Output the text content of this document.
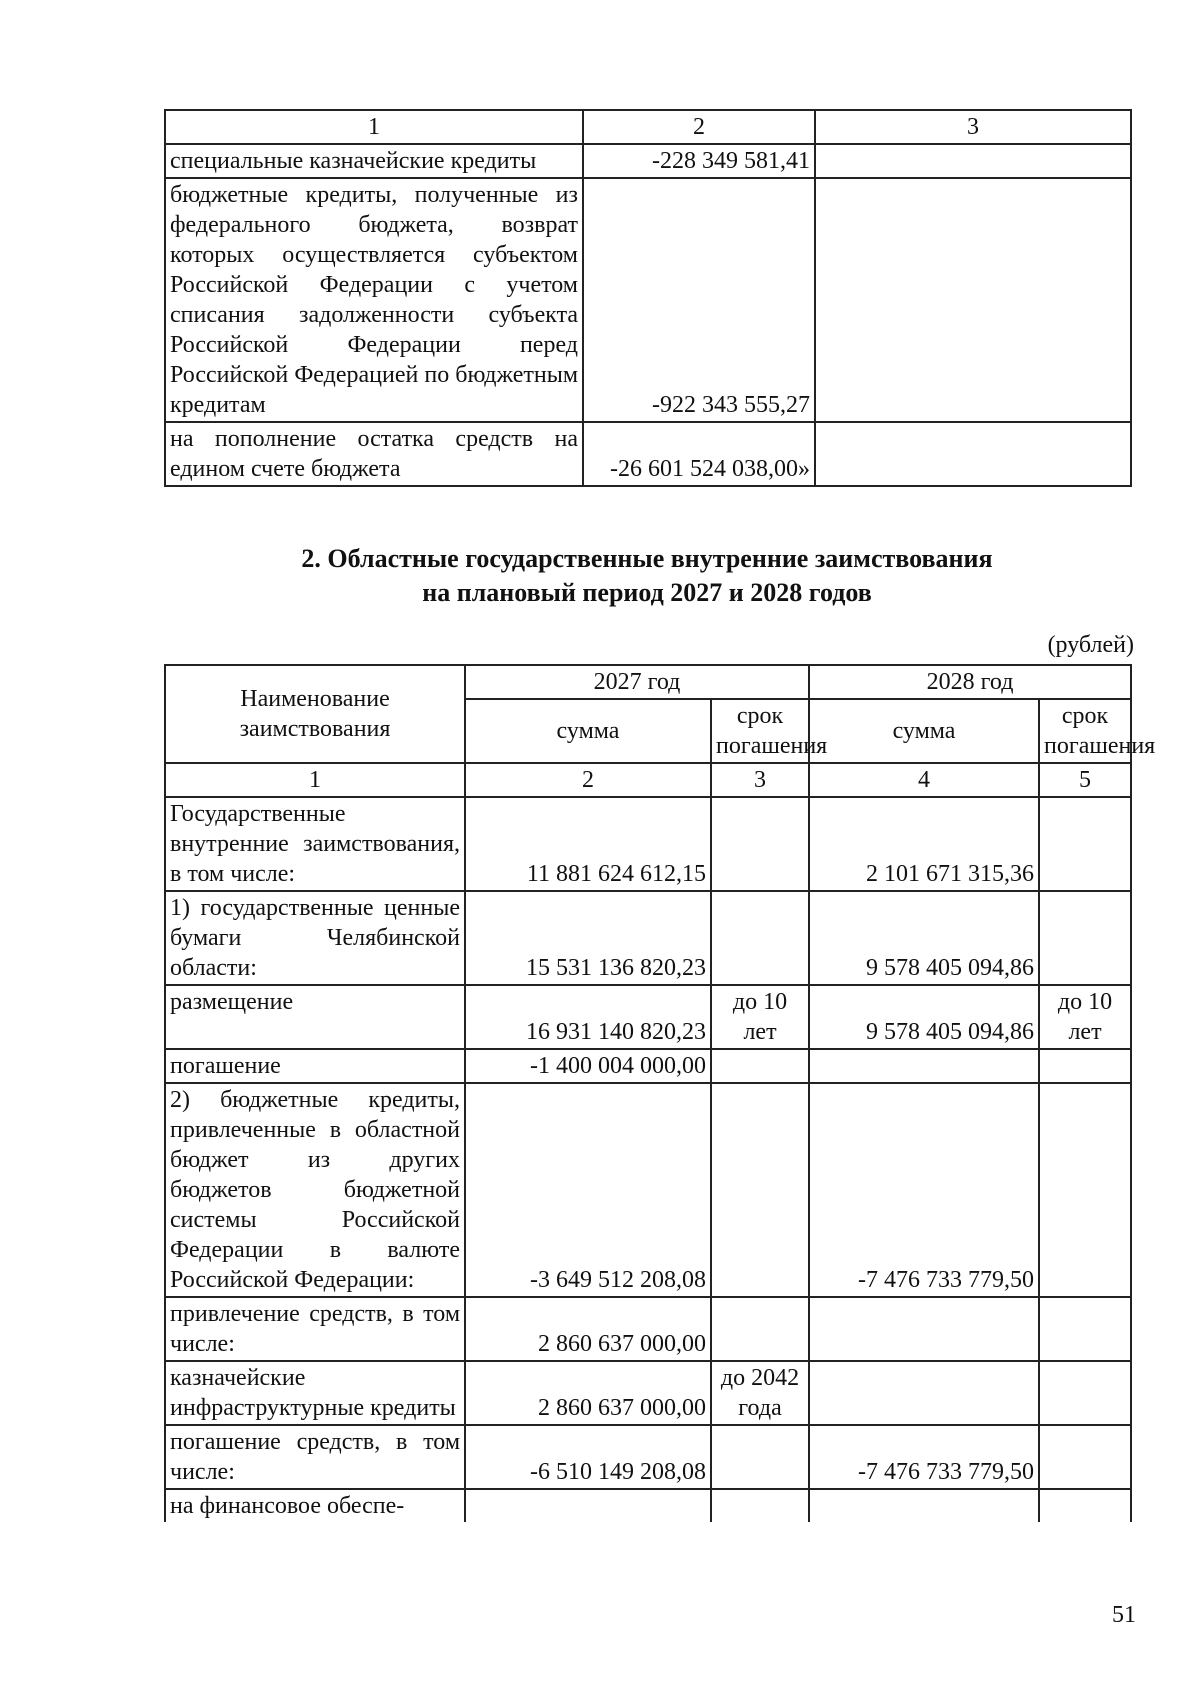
1	2	3
специальные казначейские кредиты	-228 349 581,41	
бюджетные кредиты, полученные из федерального бюджета, возврат которых осуществляется субъектом Российской Федерации с учетом списания задолженности субъекта Российской Федерации перед Российской Федерацией по бюджетным кредитам	-922 343 555,27	
на пополнение остатка средств на едином счете бюджета	-26 601 524 038,00»	
2. Областные государственные внутренние заимствования
на плановый период 2027 и 2028 годов
(рублей)
Наименование заимствования	2027 год		2028 год	
	сумма	срок погашения	сумма	срок погашения
1	2	3	4	5
Государственные внутренние заимствования, в том числе:	11 881 624 612,15		2 101 671 315,36	
1) государственные ценные бумаги Челябинской области:	15 531 136 820,23		9 578 405 094,86	
размещение	16 931 140 820,23	до 10 лет	9 578 405 094,86	до 10 лет
погашение	-1 400 004 000,00			
2) бюджетные кредиты, привлеченные в областной бюджет из других бюджетов бюджетной системы Российской Федерации в валюте Российской Федерации:	-3 649 512 208,08		-7 476 733 779,50	
привлечение средств, в том числе:	2 860 637 000,00			
казначейские инфраструктурные кредиты	2 860 637 000,00	до 2042 года		
погашение средств, в том числе:	-6 510 149 208,08		-7 476 733 779,50	
на финансовое обеспе-				
51
